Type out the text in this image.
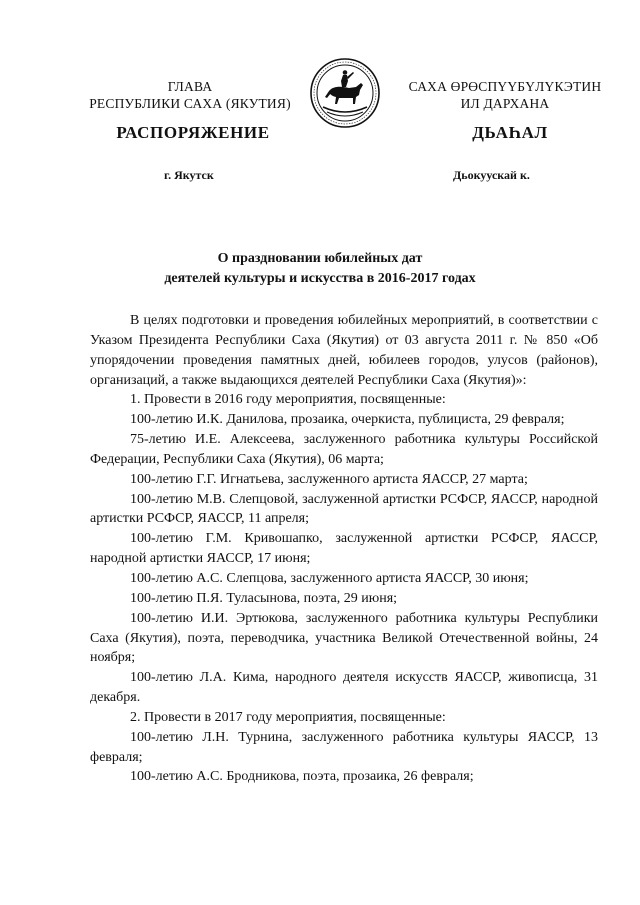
ГЛАВА
РЕСПУБЛИКИ САХА (ЯКУТИЯ)
САХА ӨРӨСПҮҮБҮЛҮКЭТИН
ИЛ ДАРХАНА
РАСПОРЯЖЕНИЕ	ДЬАҺАЛ
г. Якутск	Дьокуускай к.
О праздновании юбилейных дат
деятелей культуры и искусства в 2016-2017 годах

В целях подготовки и проведения юбилейных мероприятий, в соответствии с Указом Президента Республики Саха (Якутия) от 03 августа 2011 г. № 850 «Об упорядочении проведения памятных дней, юбилеев городов, улусов (районов), организаций, а также выдающихся деятелей Республики Саха (Якутия)»:

1. Провести в 2016 году мероприятия, посвященные:

100-летию И.К. Данилова, прозаика, очеркиста, публициста, 29 февраля;

75-летию И.Е. Алексеева, заслуженного работника культуры Российской Федерации, Республики Саха (Якутия), 06 марта;

100-летию Г.Г. Игнатьева, заслуженного артиста ЯАССР, 27 марта;

100-летию М.В. Слепцовой, заслуженной артистки РСФСР, ЯАССР, народной артистки РСФСР, ЯАССР, 11 апреля;

100-летию Г.М. Кривошапко, заслуженной артистки РСФСР, ЯАССР, народной артистки ЯАССР, 17 июня;

100-летию А.С. Слепцова, заслуженного артиста ЯАССР, 30 июня;

100-летию П.Я. Туласынова, поэта, 29 июня;

100-летию И.И. Эртюкова, заслуженного работника культуры Республики Саха (Якутия), поэта, переводчика, участника Великой Отечественной войны, 24 ноября;

100-летию Л.А. Кима, народного деятеля искусств ЯАССР, живописца, 31 декабря.

2. Провести в 2017 году мероприятия, посвященные:

100-летию Л.Н. Турнина, заслуженного работника культуры ЯАССР, 13 февраля;

100-летию А.С. Бродникова, поэта, прозаика, 26 февраля;
